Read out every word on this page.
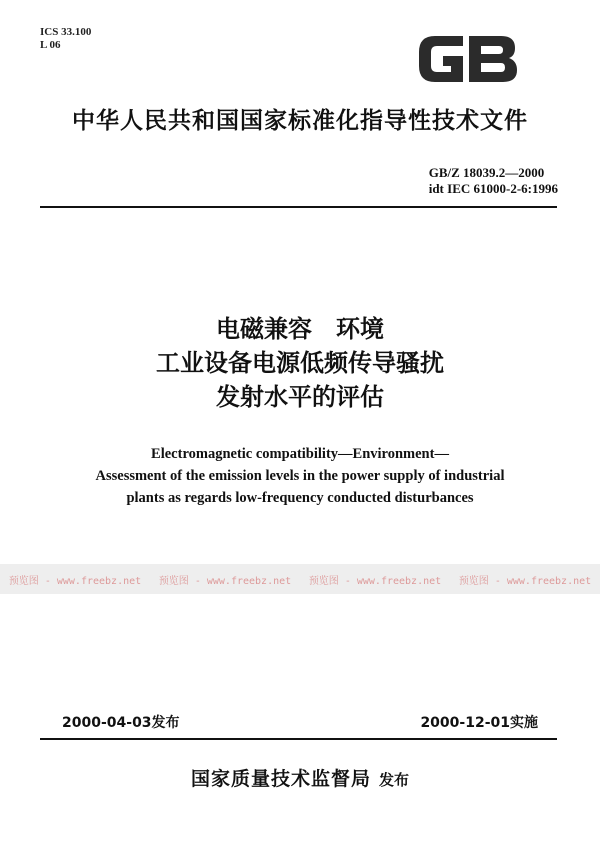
ICS 33.100
L 06
中华人民共和国国家标准化指导性技术文件
GB/Z 18039.2—2000
idt IEC 61000-2-6:1996
电磁兼容　环境
工业设备电源低频传导骚扰
发射水平的评估
Electromagnetic compatibility—Environment—
Assessment of the emission levels in the power supply of industrial
plants as regards low-frequency conducted disturbances
预览图 - www.freebz.net 预览图 - www.freebz.net 预览图 - www.freebz.net 预览图 - www.freebz.net
2000-04-03发布	2000-12-01实施
国家质量技术监督局 发布
